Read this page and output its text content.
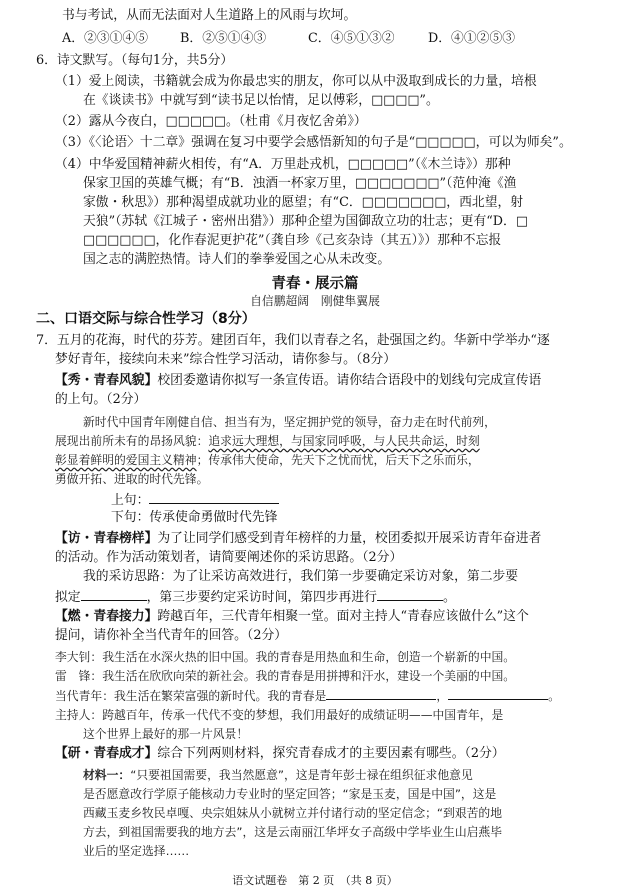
书与考试，从而无法面对人生道路上的风雨与坎坷。
A．②③①④⑤ B．②⑤①④③	C．④⑤①③②	D．④①②⑤③
6．诗文默写。（每句1分，共5分）
（1）爱上阅读，书籍就会成为你最忠实的朋友，你可以从中汲取到成长的力量，培根
在《谈读书》中就写到“读书足以怡情，足以傅彩，□□□□”。
（2）露从今夜白，□□□□□。（杜甫《月夜忆舍弟》）
（3）《〈论语〉十二章》强调在复习中要学会感悟新知的句子是“□□□□□，可以为师矣”。
（4）中华爱国精神薪火相传，有“A．万里赴戎机，□□□□□”（《木兰诗》）那种
保家卫国的英雄气概；有“B．浊酒一杯家万里，□□□□□□□”（范仲淹《渔
家傲・秋思》）那种渴望成就功业的愿望；有“C．□□□□□□□，西北望，射
天狼”（苏轼《江城子・密州出猎》）那种企望为国御敌立功的壮志；更有“D．□
□□□□□□，化作春泥更护花”（龚自珍《己亥杂诗（其五）》）那种不忘报
国之志的满腔热情。诗人们的拳拳爱国之心从未改变。
青春・展示篇
自信鹏超阔　刚健隼翼展
二、口语交际与综合性学习（8分）
7．五月的花海，时代的芬芳。建团百年，我们以青春之名，赴强国之约。华新中学举办“逐
梦好青年，接续向未来”综合性学习活动，请你参与。（8分）
【秀・青春风貌】校团委邀请你拟写一条宣传语。请你结合语段中的划线句完成宣传语
的上句。（2分）
新时代中国青年刚健自信、担当有为，坚定拥护党的领导，奋力走在时代前列，
展现出前所未有的昂扬风貌：追求远大理想，与国家同呼吸，与人民共命运，时刻
彰显着鲜明的爱国主义精神；传承伟大使命，先天下之忧而忧，后天下之乐而乐，
勇做开拓、进取的时代先锋。
上句：
下句：传承使命勇做时代先锋
【访・青春榜样】为了让同学们感受到青年榜样的力量，校团委拟开展采访青年奋进者
的活动。作为活动策划者，请简要阐述你的采访思路。（2分）
我的采访思路：为了让采访高效进行，我们第一步要确定采访对象，第二步要
拟定	，第三步要约定采访时间，第四步再进行	。
【燃・青春接力】跨越百年，三代青年相聚一堂。面对主持人“青春应该做什么”这个
提问，请你补全当代青年的回答。（2分）
李大钊：我生活在水深火热的旧中国。我的青春是用热血和生命，创造一个崭新的中国。
雷　锋：我生活在欣欣向荣的新社会。我的青春是用拼搏和汗水，建设一个美丽的中国。
当代青年：我生活在繁荣富强的新时代。我的青春是	，	。
主持人：跨越百年，传承一代代不变的梦想，我们用最好的成绩证明——中国青年，是
这个世界上最好的那一片风景！
【研・青春成才】综合下列两则材料，探究青春成才的主要因素有哪些。（2分）
材料一：“只要祖国需要，我当然愿意”，这是青年彭士禄在组织征求他意见
是否愿意改行学原子能核动力专业时的坚定回答；“家是玉麦，国是中国”，这是
西藏玉麦乡牧民卓嘎、央宗姐妹从小就树立并付诸行动的坚定信念；“到艰苦的地
方去，到祖国需要我的地方去”，这是云南丽江华坪女子高级中学毕业生山启燕毕
业后的坚定选择……
语文试题卷　第 2 页　（共 8 页）
